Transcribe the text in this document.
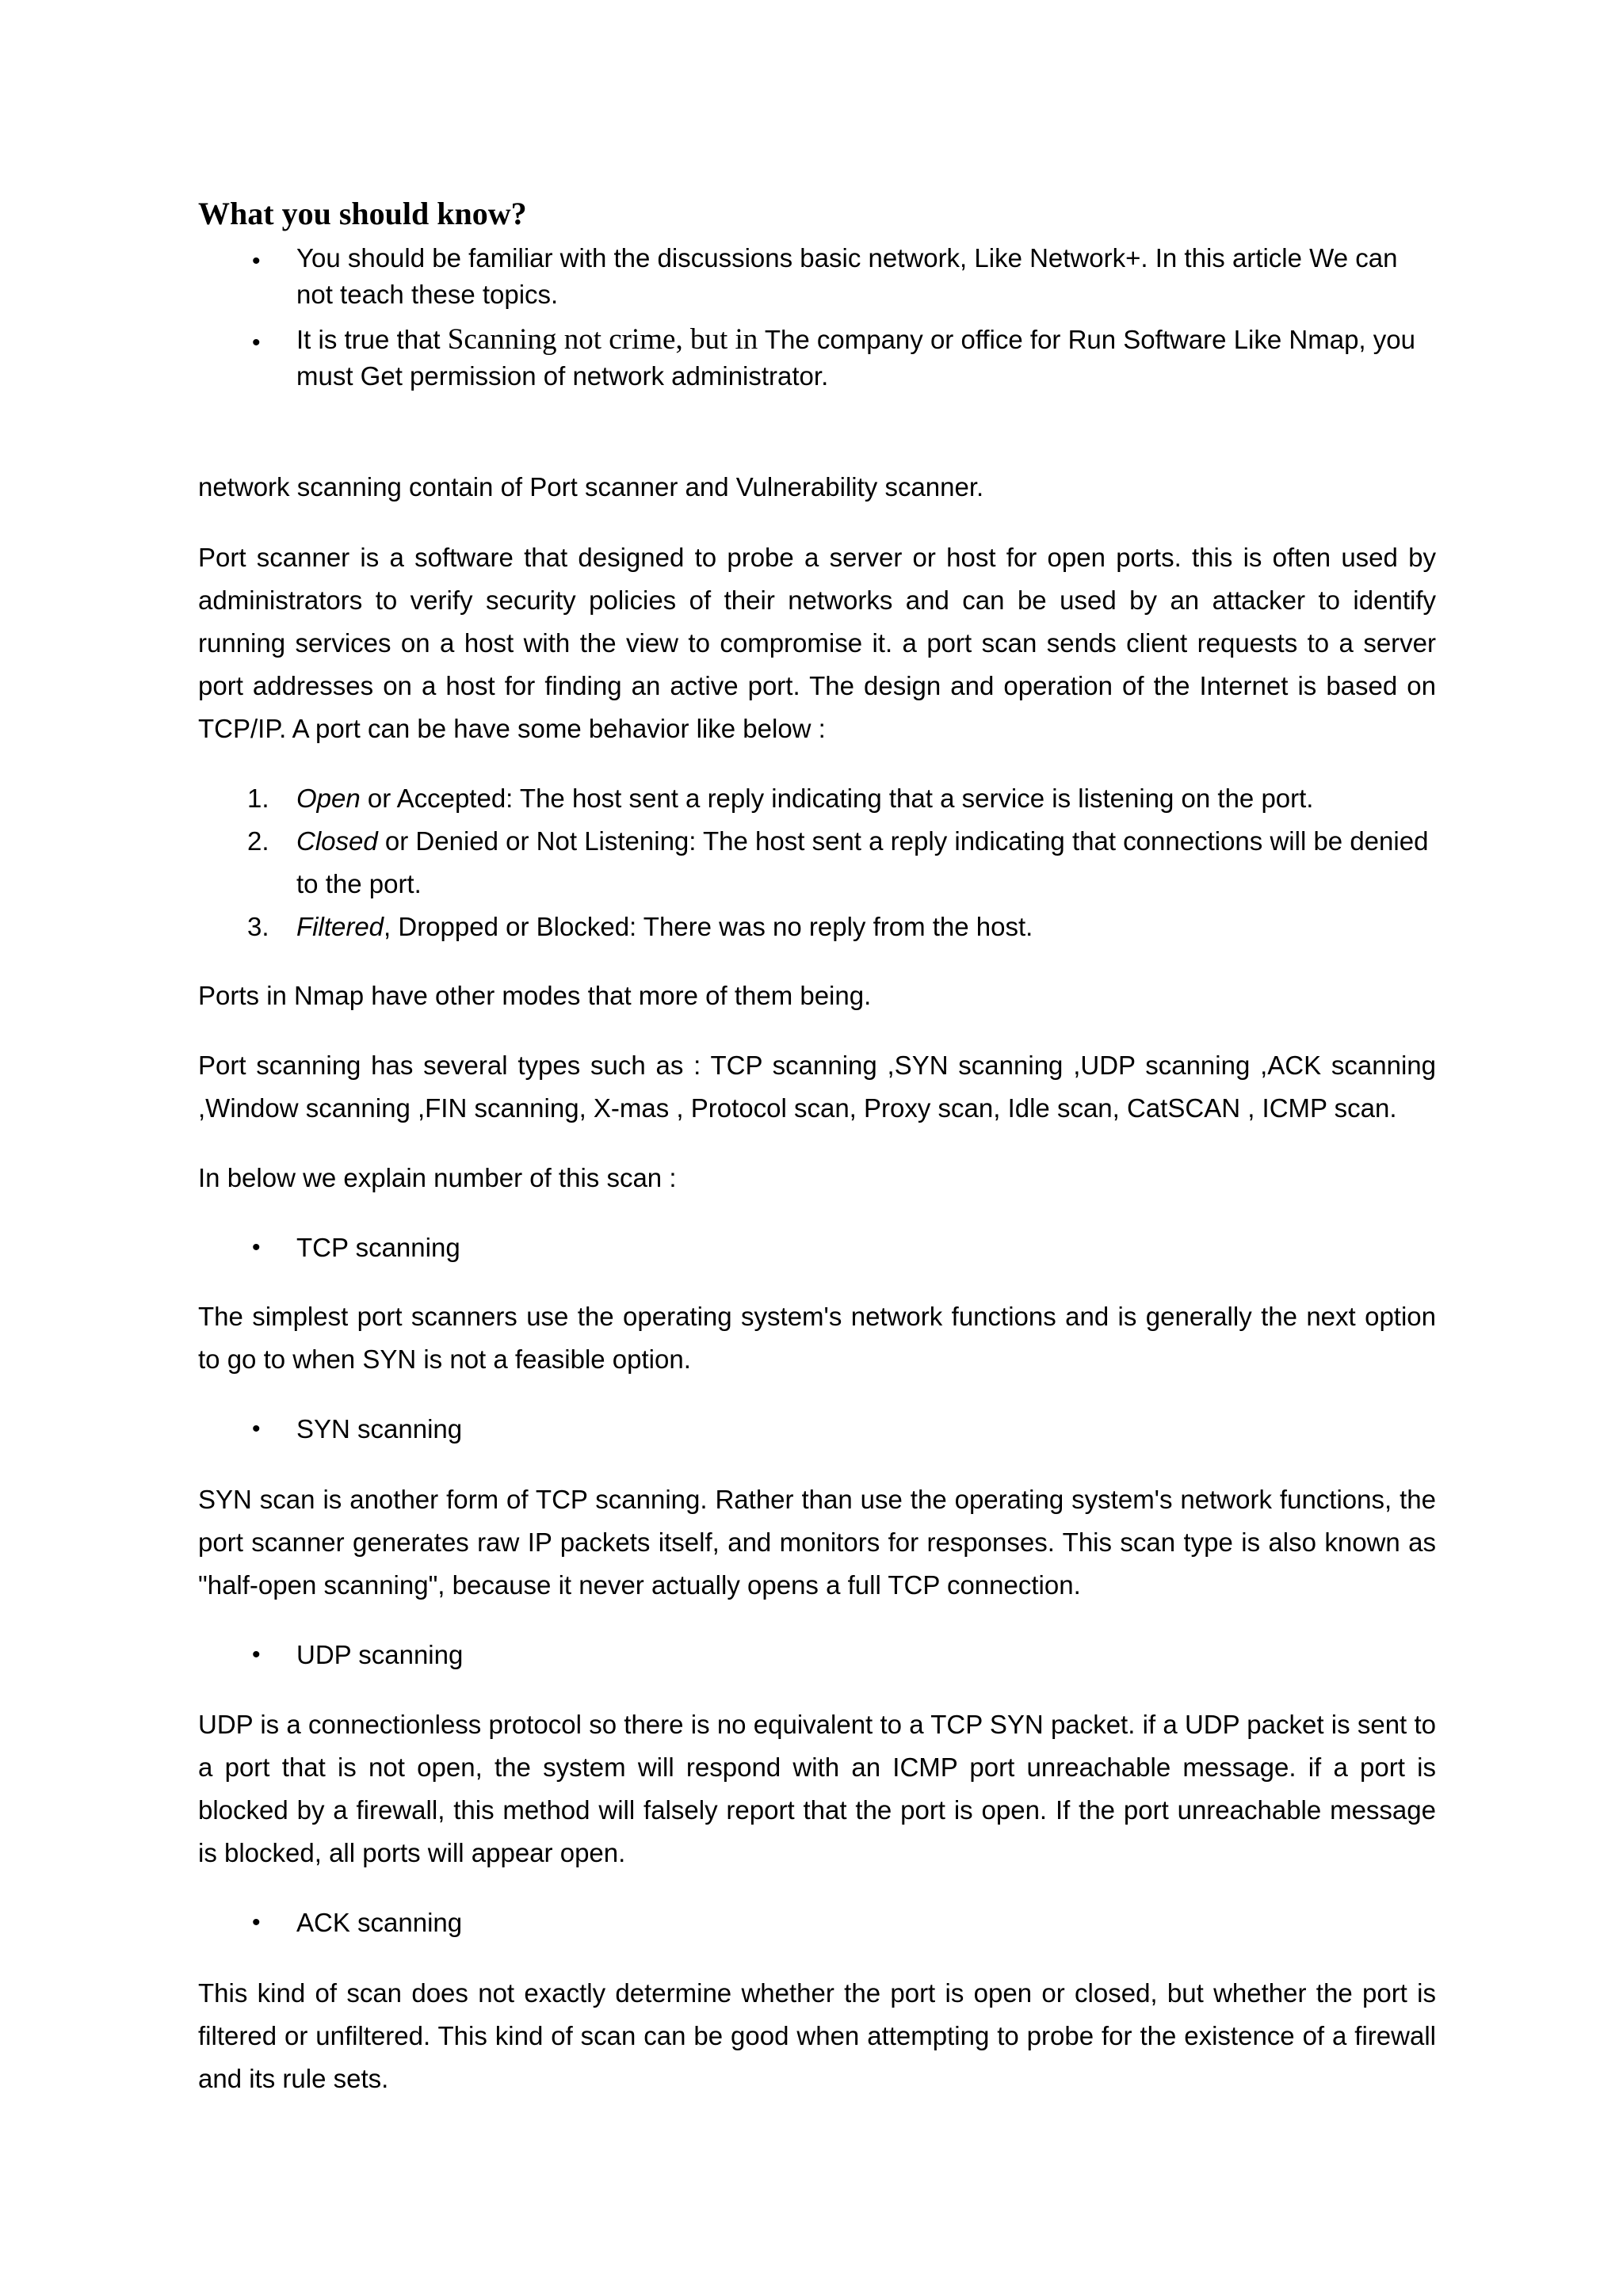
What you should know?
• You should be familiar with the discussions basic network, Like Network+. In this article We can not teach these topics.

• It is true that Scanning not crime, but in The company or office for Run Software Like Nmap, you must Get permission of network administrator.

network scanning contain of Port scanner and Vulnerability scanner.

Port scanner is a software that designed to probe a server or host for open ports. this is often used by administrators to verify security policies of their networks and can be used by an attacker to identify running services on a host with the view to compromise it. a port scan sends client requests to a server port addresses on a host for finding an active port. The design and operation of the Internet is based on TCP/IP. A port can be have some behavior like below :

1. Open or Accepted: The host sent a reply indicating that a service is listening on the port.

2. Closed or Denied or Not Listening: The host sent a reply indicating that connections will be denied to the port.

3. Filtered, Dropped or Blocked: There was no reply from the host.

Ports in Nmap have other modes that more of them being.

Port scanning has several types such as : TCP scanning ,SYN scanning ,UDP scanning ,ACK scanning ,Window scanning ,FIN scanning, X-mas , Protocol scan, Proxy scan, Idle scan, CatSCAN , ICMP scan.

In below we explain number of this scan :

• TCP scanning

The simplest port scanners use the operating system's network functions and is generally the next option to go to when SYN is not a feasible option.

• SYN scanning

SYN scan is another form of TCP scanning. Rather than use the operating system's network functions, the port scanner generates raw IP packets itself, and monitors for responses. This scan type is also known as "half-open scanning", because it never actually opens a full TCP connection.

• UDP scanning

UDP is a connectionless protocol so there is no equivalent to a TCP SYN packet. if a UDP packet is sent to a port that is not open, the system will respond with an ICMP port unreachable message. if a port is blocked by a firewall, this method will falsely report that the port is open. If the port unreachable message is blocked, all ports will appear open.

• ACK scanning

This kind of scan does not exactly determine whether the port is open or closed, but whether the port is filtered or unfiltered. This kind of scan can be good when attempting to probe for the existence of a firewall and its rule sets.
